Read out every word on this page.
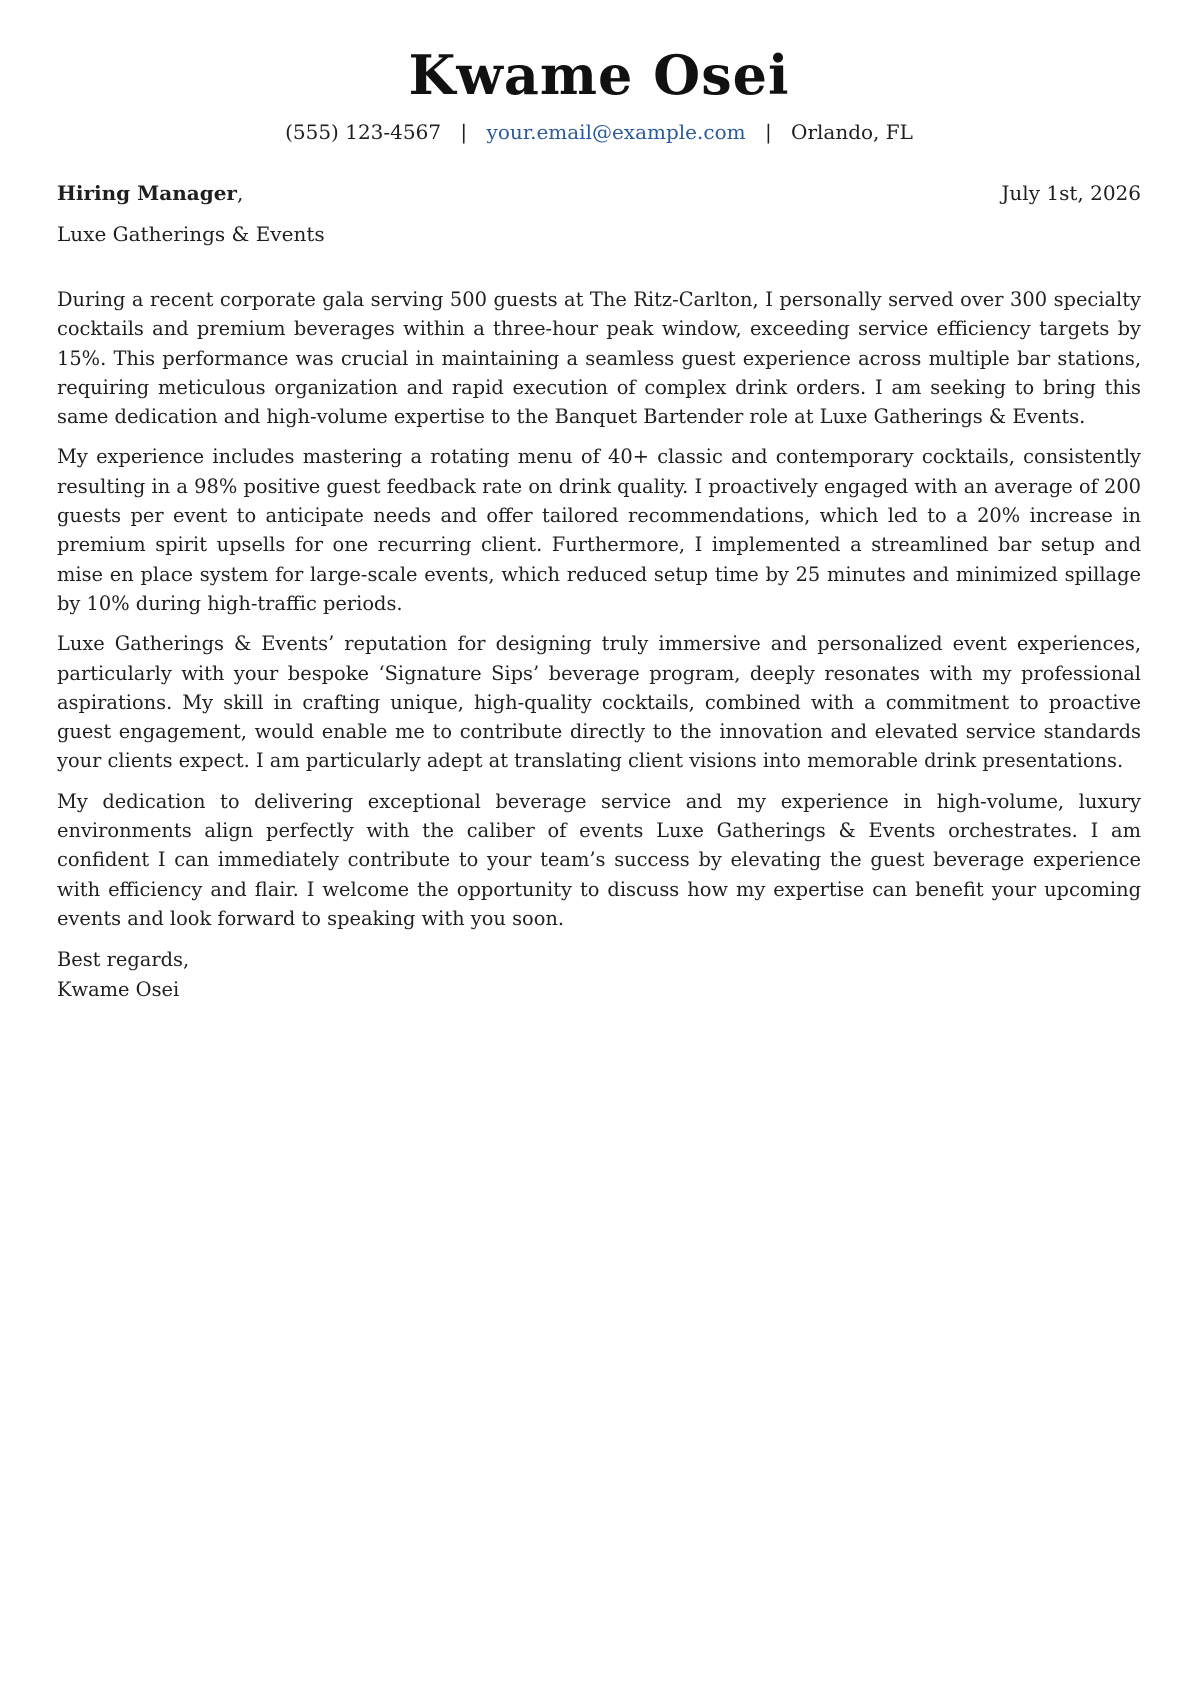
Kwame Osei
(555) 123-4567 | your.email@example.com | Orlando, FL
Hiring Manager,	July 1st, 2026
Luxe Gatherings & Events

During a recent corporate gala serving 500 guests at The Ritz-Carlton, I personally served over 300 specialty cocktails and premium beverages within a three-hour peak window, exceeding service efficiency targets by 15%. This performance was crucial in maintaining a seamless guest experience across multiple bar stations, requiring meticulous organization and rapid execution of complex drink orders. I am seeking to bring this same dedication and high-volume expertise to the Banquet Bartender role at Luxe Gatherings & Events.

My experience includes mastering a rotating menu of 40+ classic and contemporary cocktails, consistently resulting in a 98% positive guest feedback rate on drink quality. I proactively engaged with an average of 200 guests per event to anticipate needs and offer tailored recommendations, which led to a 20% increase in premium spirit upsells for one recurring client. Furthermore, I implemented a streamlined bar setup and mise en place system for large-scale events, which reduced setup time by 25 minutes and minimized spillage by 10% during high-traffic periods.

Luxe Gatherings & Events’ reputation for designing truly immersive and personalized event experiences, particularly with your bespoke ‘Signature Sips’ beverage program, deeply resonates with my professional aspirations. My skill in crafting unique, high-quality cocktails, combined with a commitment to proactive guest engagement, would enable me to contribute directly to the innovation and elevated service standards your clients expect. I am particularly adept at translating client visions into memorable drink presentations.

My dedication to delivering exceptional beverage service and my experience in high-volume, luxury environments align perfectly with the caliber of events Luxe Gatherings & Events orchestrates. I am confident I can immediately contribute to your team’s success by elevating the guest beverage experience with efficiency and flair. I welcome the opportunity to discuss how my expertise can benefit your upcoming events and look forward to speaking with you soon.

Best regards,
Kwame Osei
